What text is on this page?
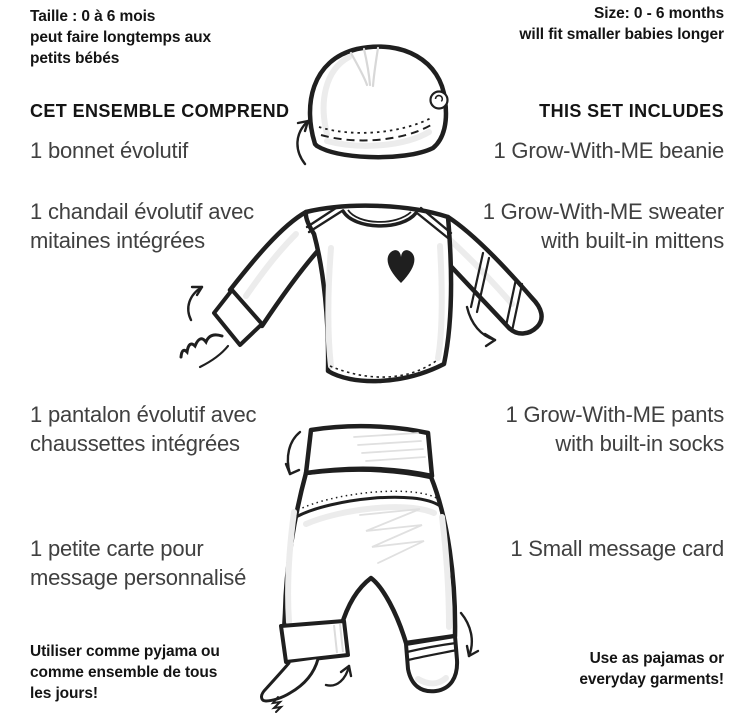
Taille : 0 à 6 mois
peut faire longtemps aux
petits bébés
Size: 0 - 6 months
will fit smaller babies longer
CET ENSEMBLE COMPREND	THIS SET INCLUDES
1 bonnet évolutif	1 Grow-With-ME beanie
1 chandail évolutif avec
mitaines intégrées
1 Grow-With-ME sweater
with built-in mittens
1 pantalon évolutif avec
chaussettes intégrées
1 Grow-With-ME pants
with built-in socks
1 petite carte pour
message personnalisé
1 Small message card
Utiliser comme pyjama ou
comme ensemble de tous
les jours!
Use as pajamas or
everyday garments!
